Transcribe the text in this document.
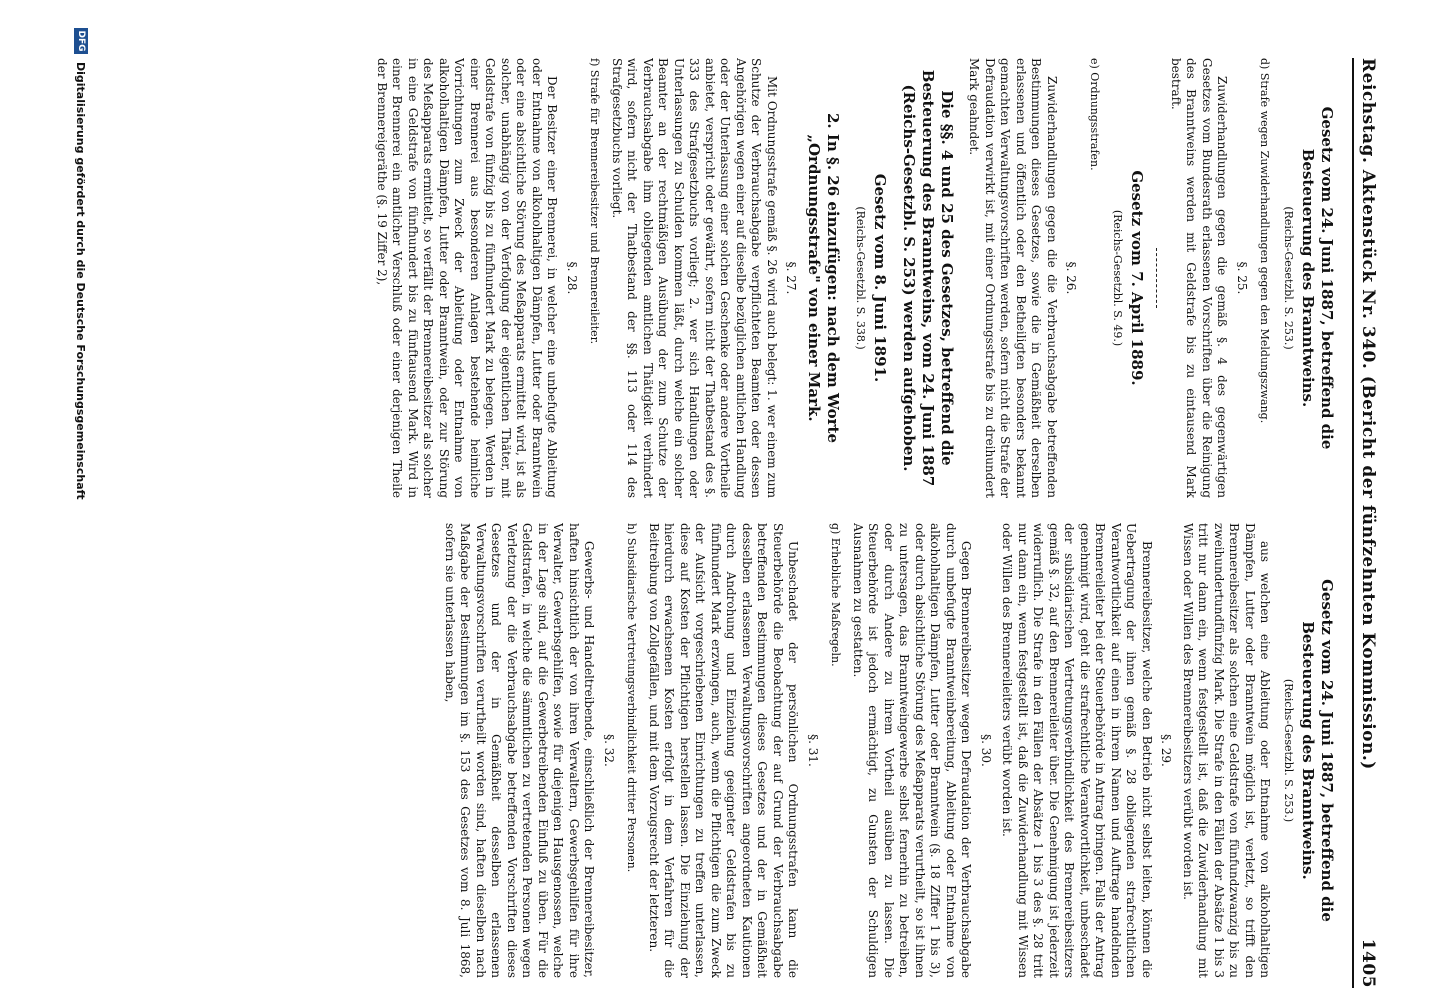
Reichstag. Aktenstück Nr. 340. (Bericht der fünfzehnten Kommission.)
1405
Gesetz vom 24. Juni 1887, betreffend die Besteuerung des Branntweins.
(Reichs-Gesetzbl. S. 253.)
d) Strafe wegen Zuwiderhandlungen gegen den Meldungszwang.
§. 25.
Zuwiderhandlungen gegen die gemäß §. 4 des gegenwärtigen Gesetzes vom Bundesrath erlassenen Vorschriften über die Reinigung des Branntweins werden mit Geldstrafe bis zu eintausend Mark bestraft.
Gesetz vom 7. April 1889.
(Reichs-Gesetzbl. S. 49.)
e) Ordnungsstrafen.
§. 26.
Zuwiderhandlungen gegen die die Verbrauchsabgabe betreffenden Bestimmungen dieses Gesetzes, sowie die in Gemäßheit derselben erlassenen und öffentlich oder den Betheiligten besonders bekannt gemachten Verwaltungsvorschriften werden, sofern nicht die Strafe der Defraudation verwirkt ist, mit einer Ordnungsstrafe bis zu dreihundert Mark geahndet.
Die §§. 4 und 25 des Gesetzes, betreffend die Besteuerung des Branntweins, vom 24. Juni 1887 (Reichs-Gesetzbl. S. 253) werden aufgehoben.
Gesetz vom 8. Juni 1891.
(Reichs-Gesetzbl. S. 338.)
2. In §. 26 einzufügen: nach dem Worte „Ordnungsstrafe" von einer Mark.
§. 27.
Mit Ordnungsstrafe gemäß §. 26 wird auch belegt: 1. wer einem zum Schutze der Verbrauchsabgabe verpflichteten Beamten oder dessen Angehörigen wegen einer auf dieselbe bezüglichen amtlichen Handlung oder der Unterlassung einer solchen Geschenke oder andere Vortheile anbietet, verspricht oder gewährt, sofern nicht der Thatbestand des §. 333 des Strafgesetzbuchs vorliegt; 2. wer sich Handlungen oder Unterlassungen zu Schulden kommen läßt, durch welche ein solcher Beamter an der rechtmäßigen Ausübung der zum Schutze der Verbrauchsabgabe ihm obliegenden amtlichen Thätigkeit verhindert wird, sofern nicht der Thatbestand der §§. 113 oder 114 des Strafgesetzbuchs vorliegt.
f) Strafe für Brennereibesitzer und Brennereileiter.
§. 28.
Der Besitzer einer Brennerei, in welcher eine unbefugte Ableitung oder Entnahme von alkoholhaltigen Dämpfen, Lutter oder Branntwein oder eine absichtliche Störung des Meßapparats ermittelt wird, ist als solcher, unabhängig von der Verfolgung der eigentlichen Thäter, mit Geldstrafe von fünfzig bis zu fünfhundert Mark zu belegen. Werden in einer Brennerei aus besonderen Anlagen bestehende heimliche Vorrichtungen zum Zweck der Ableitung oder Entnahme von alkoholhaltigen Dämpfen, Lutter oder Branntwein, oder zur Störung des Meßapparats ermittelt, so verfällt der Brennereibesitzer als solcher in eine Geldstrafe von fünfhundert bis zu fünftausend Mark. Wird in einer Brennerei ein amtlicher Verschluß oder einer derjenigen Theile der Brennereigeräthe (§. 19 Ziffer 2),
Gesetz vom 24. Juni 1887, betreffend die Besteuerung des Branntweins.
(Reichs-Gesetzbl. S. 253.)
aus welchen eine Ableitung oder Entnahme von alkoholhaltigen Dämpfen, Lutter oder Branntwein möglich ist, verletzt, so trifft den Brennereibesitzer als solchen eine Geldstrafe von fünfundzwanzig bis zu zweihundertundfünfzig Mark. Die Strafe in den Fällen der Absätze 1 bis 3 tritt nur dann ein, wenn festgestellt ist, daß die Zuwiderhandlung mit Wissen oder Willen des Brennereibesitzers verübt worden ist.
§. 29.
Brennereibesitzer, welche den Betrieb nicht selbst leiten, können die Uebertragung der ihnen gemäß §. 28 obliegenden strafrechtlichen Verantwortlichkeit auf einen in ihrem Namen und Auftrage handelnden Brennereileiter bei der Steuerbehörde in Antrag bringen. Falls der Antrag genehmigt wird, geht die strafrechtliche Verantwortlichkeit, unbeschadet der subsidiarischen Vertretungsverbindlichkeit des Brennereibesitzers gemäß §. 32, auf den Brennereileiter über. Die Genehmigung ist jederzeit widerruflich. Die Strafe in den Fällen der Absätze 1 bis 3 des §. 28 tritt nur dann ein, wenn festgestellt ist, daß die Zuwiderhandlung mit Wissen oder Willen des Brennereileiters verübt worden ist.
§. 30.
Gegen Brennereibesitzer wegen Defraudation der Verbrauchsabgabe durch unbefugte Branntweinbereitung, Ableitung oder Entnahme von alkoholhaltigen Dämpfen, Lutter oder Branntwein (§. 18 Ziffer 1 bis 3), oder durch absichtliche Störung des Meßapparats verurtheilt, so ist ihnen zu untersagen, das Branntweingewerbe selbst fernerhin zu betreiben, oder durch Andere zu ihrem Vortheil ausüben zu lassen. Die Steuerbehörde ist jedoch ermächtigt, zu Gunsten der Schuldigen Ausnahmen zu gestatten.
g) Erhebliche Maßregeln.
§. 31.
Unbeschadet der persönlichen Ordnungsstrafen kann die Steuerbehörde die Beobachtung der auf Grund der Verbrauchsabgabe betreffenden Bestimmungen dieses Gesetzes und der in Gemäßheit desselben erlassenen Verwaltungsvorschriften angeordneten Kautionen durch Androhung und Einziehung geeigneter Geldstrafen bis zu fünfhundert Mark erzwingen, auch, wenn die Pflichtigen die zum Zweck der Aufsicht vorgeschriebenen Einrichtungen zu treffen unterlassen, diese auf Kosten der Pflichtigen herstellen lassen. Die Einziehung der hierdurch erwachsenen Kosten erfolgt in dem Verfahren für die Beitreibung von Zollgefällen, und mit dem Vorzugsrecht der letzteren.
h) Subsidiarische Vertretungsverbindlichkeit dritter Personen.
§. 32.
Gewerbs- und Handeltreibende, einschließlich der Brennereibesitzer, haften hinsichtlich der von ihren Verwaltern, Gewerbsgehilfen für ihre Verwalter, Gewerbsgehilfen, sowie für diejenigen Hausgenossen, welche in der Lage sind, auf die Gewerbetreibenden Einfluß zu üben. Für die Geldstrafen, in welche die sämmtlichen zu vertretenden Personen wegen Verletzung der die Verbrauchsabgabe betreffenden Vorschriften dieses Gesetzes und der in Gemäßheit desselben erlassenen Verwaltungsvorschriften verurtheilt worden sind, haften dieselben nach Maßgabe der Bestimmungen im §. 153 des Gesetzes vom 8. Juli 1868, sofern sie unterlassen haben,
DFG
Digitalisierung gefördert durch die Deutsche Forschungsgemeinschaft
